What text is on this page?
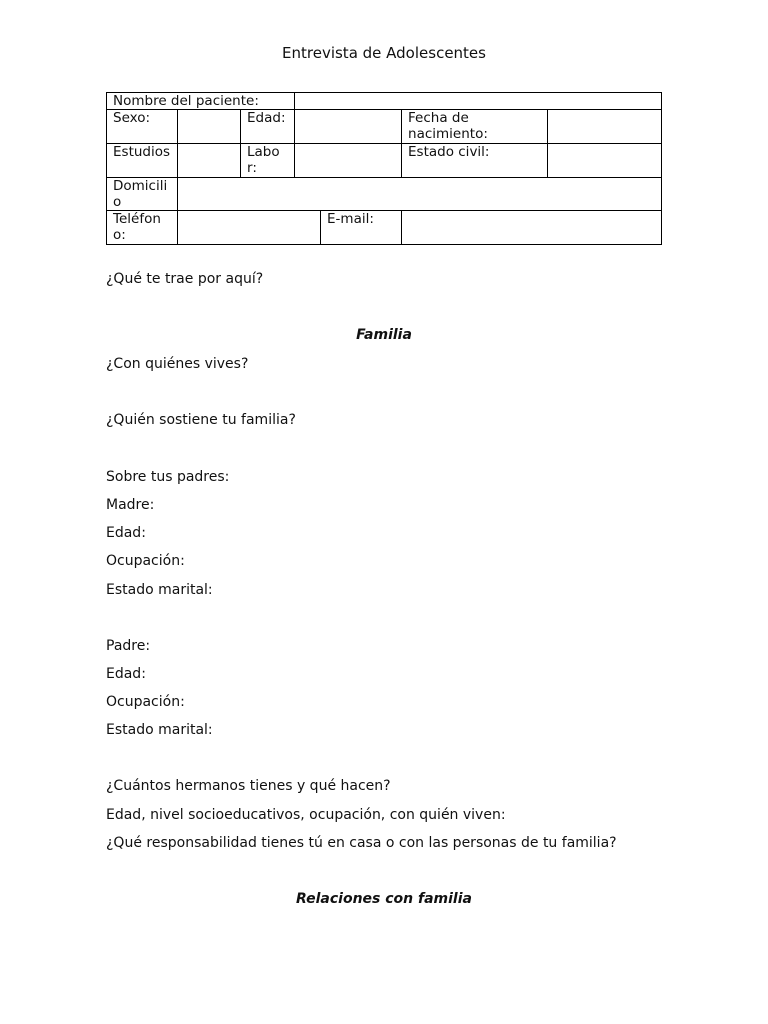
Entrevista de Adolescentes
Nombre del paciente:						
Sexo:		Edad:			Fecha de nacimiento:	
Estudios		Labor:			Estado civil:	
Domicilio						
Teléfono:				E-mail:		
¿Qué te trae por aquí?
Familia
¿Con quiénes vives?
¿Quién sostiene tu familia?
Sobre tus padres:
Madre:
Edad:
Ocupación:
Estado marital:
Padre:
Edad:
Ocupación:
Estado marital:
¿Cuántos hermanos tienes y qué hacen?
Edad, nivel socioeducativos, ocupación, con quién viven:
¿Qué responsabilidad tienes tú en casa o con las personas de tu familia?
Relaciones con familia
